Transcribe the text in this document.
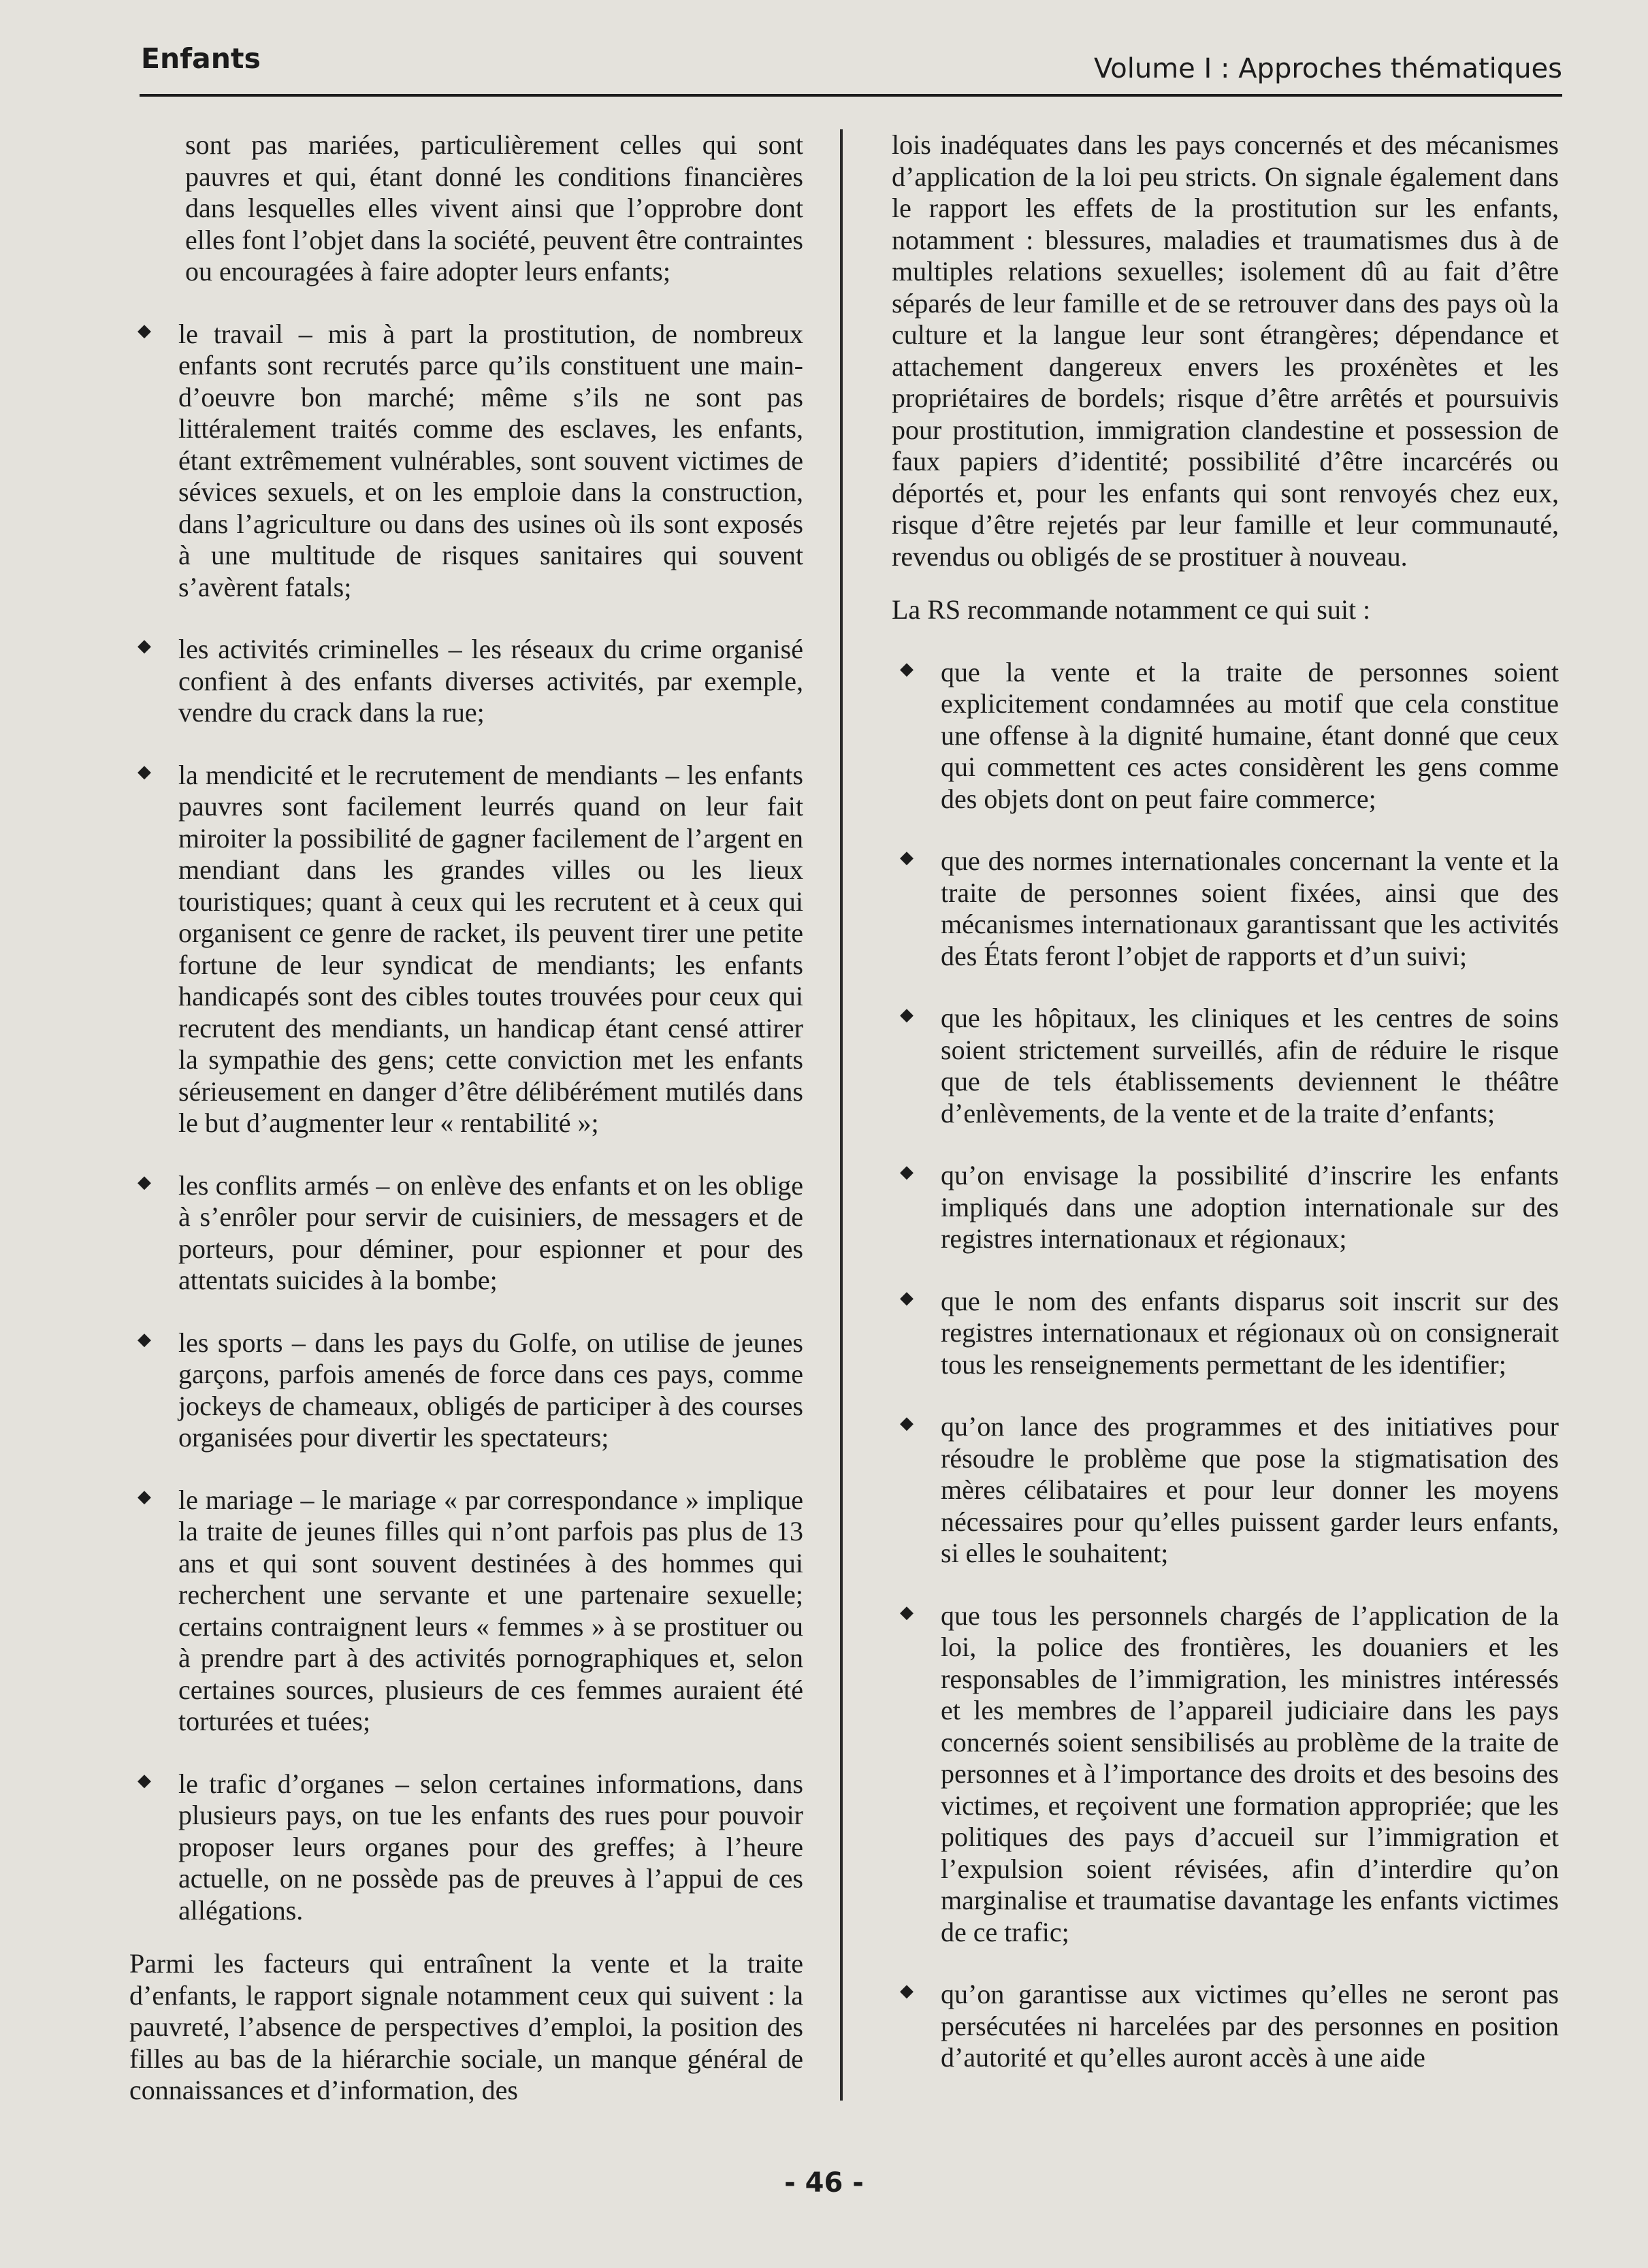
Enfants	Volume I : Approches thématiques

sont pas mariées, particulièrement celles qui sont pauvres et qui, étant donné les conditions financières dans lesquelles elles vivent ainsi que l’opprobre dont elles font l’objet dans la société, peuvent être contraintes ou encouragées à faire adopter leurs enfants;

◆ le travail – mis à part la prostitution, de nombreux enfants sont recrutés parce qu’ils constituent une main-d’oeuvre bon marché; même s’ils ne sont pas littéralement traités comme des esclaves, les enfants, étant extrêmement vulnérables, sont souvent victimes de sévices sexuels, et on les emploie dans la construction, dans l’agriculture ou dans des usines où ils sont exposés à une multitude de risques sanitaires qui souvent s’avèrent fatals;

◆ les activités criminelles – les réseaux du crime organisé confient à des enfants diverses activités, par exemple, vendre du crack dans la rue;

◆ la mendicité et le recrutement de mendiants – les enfants pauvres sont facilement leurrés quand on leur fait miroiter la possibilité de gagner facilement de l’argent en mendiant dans les grandes villes ou les lieux touristiques; quant à ceux qui les recrutent et à ceux qui organisent ce genre de racket, ils peuvent tirer une petite fortune de leur syndicat de mendiants; les enfants handicapés sont des cibles toutes trouvées pour ceux qui recrutent des mendiants, un handicap étant censé attirer la sympathie des gens; cette conviction met les enfants sérieusement en danger d’être délibérément mutilés dans le but d’augmenter leur « rentabilité »;

◆ les conflits armés – on enlève des enfants et on les oblige à s’enrôler pour servir de cuisiniers, de messagers et de porteurs, pour déminer, pour espionner et pour des attentats suicides à la bombe;

◆ les sports – dans les pays du Golfe, on utilise de jeunes garçons, parfois amenés de force dans ces pays, comme jockeys de chameaux, obligés de participer à des courses organisées pour divertir les spectateurs;

◆ le mariage – le mariage « par correspondance » implique la traite de jeunes filles qui n’ont parfois pas plus de 13 ans et qui sont souvent destinées à des hommes qui recherchent une servante et une partenaire sexuelle; certains contraignent leurs « femmes » à se prostituer ou à prendre part à des activités pornographiques et, selon certaines sources, plusieurs de ces femmes auraient été torturées et tuées;

◆ le trafic d’organes – selon certaines informations, dans plusieurs pays, on tue les enfants des rues pour pouvoir proposer leurs organes pour des greffes; à l’heure actuelle, on ne possède pas de preuves à l’appui de ces allégations.

Parmi les facteurs qui entraînent la vente et la traite d’enfants, le rapport signale notamment ceux qui suivent : la pauvreté, l’absence de perspectives d’emploi, la position des filles au bas de la hiérarchie sociale, un manque général de connaissances et d’information, des

lois inadéquates dans les pays concernés et des mécanismes d’application de la loi peu stricts. On signale également dans le rapport les effets de la prostitution sur les enfants, notamment : blessures, maladies et traumatismes dus à de multiples relations sexuelles; isolement dû au fait d’être séparés de leur famille et de se retrouver dans des pays où la culture et la langue leur sont étrangères; dépendance et attachement dangereux envers les proxénètes et les propriétaires de bordels; risque d’être arrêtés et poursuivis pour prostitution, immigration clandestine et possession de faux papiers d’identité; possibilité d’être incarcérés ou déportés et, pour les enfants qui sont renvoyés chez eux, risque d’être rejetés par leur famille et leur communauté, revendus ou obligés de se prostituer à nouveau.

La RS recommande notamment ce qui suit :

◆ que la vente et la traite de personnes soient explicitement condamnées au motif que cela constitue une offense à la dignité humaine, étant donné que ceux qui commettent ces actes considèrent les gens comme des objets dont on peut faire commerce;

◆ que des normes internationales concernant la vente et la traite de personnes soient fixées, ainsi que des mécanismes internationaux garantissant que les activités des États feront l’objet de rapports et d’un suivi;

◆ que les hôpitaux, les cliniques et les centres de soins soient strictement surveillés, afin de réduire le risque que de tels établissements deviennent le théâtre d’enlèvements, de la vente et de la traite d’enfants;

◆ qu’on envisage la possibilité d’inscrire les enfants impliqués dans une adoption internationale sur des registres internationaux et régionaux;

◆ que le nom des enfants disparus soit inscrit sur des registres internationaux et régionaux où on consignerait tous les renseignements permettant de les identifier;

◆ qu’on lance des programmes et des initiatives pour résoudre le problème que pose la stigmatisation des mères célibataires et pour leur donner les moyens nécessaires pour qu’elles puissent garder leurs enfants, si elles le souhaitent;

◆ que tous les personnels chargés de l’application de la loi, la police des frontières, les douaniers et les responsables de l’immigration, les ministres intéressés et les membres de l’appareil judiciaire dans les pays concernés soient sensibilisés au problème de la traite de personnes et à l’importance des droits et des besoins des victimes, et reçoivent une formation appropriée; que les politiques des pays d’accueil sur l’immigration et l’expulsion soient révisées, afin d’interdire qu’on marginalise et traumatise davantage les enfants victimes de ce trafic;

◆ qu’on garantisse aux victimes qu’elles ne seront pas persécutées ni harcelées par des personnes en position d’autorité et qu’elles auront accès à une aide

- 46 -
